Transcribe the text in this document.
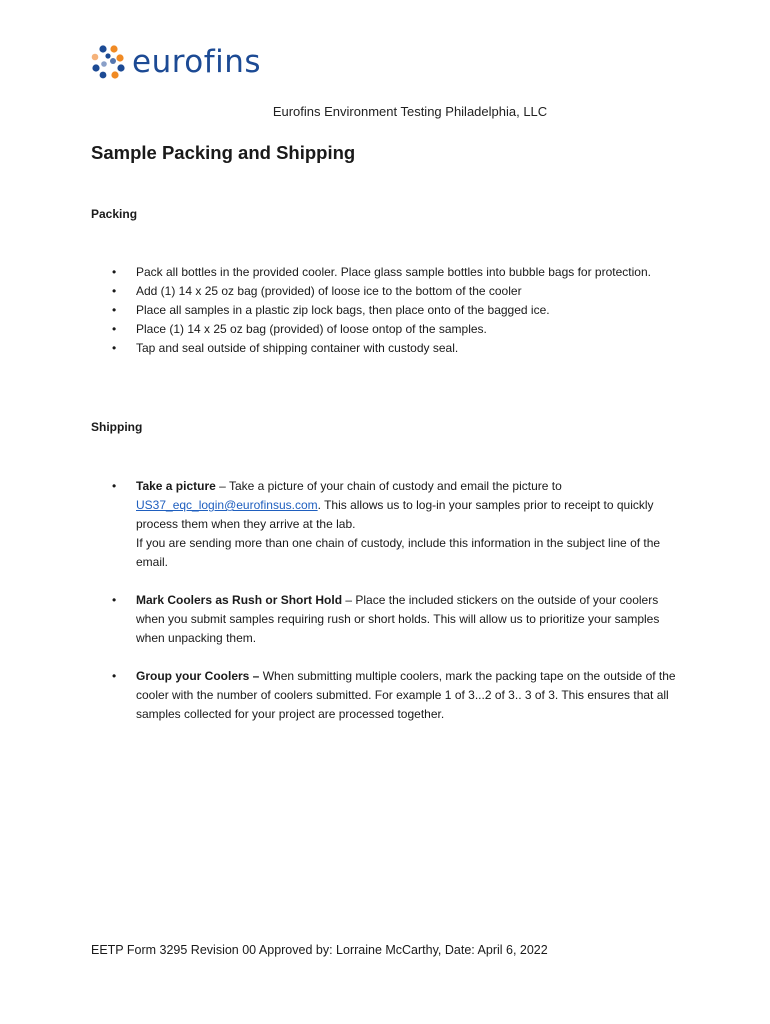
eurofins
Eurofins Environment Testing Philadelphia, LLC
Sample Packing and Shipping
Packing
• Pack all bottles in the provided cooler. Place glass sample bottles into bubble bags for protection.
• Add (1) 14 x 25 oz bag (provided) of loose ice to the bottom of the cooler
• Place all samples in a plastic zip lock bags, then place onto of the bagged ice.
• Place (1) 14 x 25 oz bag (provided) of loose ontop of the samples.
• Tap and seal outside of shipping container with custody seal.
Shipping
• Take a picture – Take a picture of your chain of custody and email the picture to US37_eqc_login@eurofinsus.com. This allows us to log-in your samples prior to receipt to quickly process them when they arrive at the lab.
If you are sending more than one chain of custody, include this information in the subject line of the email.
• Mark Coolers as Rush or Short Hold – Place the included stickers on the outside of your coolers when you submit samples requiring rush or short holds. This will allow us to prioritize your samples when unpacking them.
• Group your Coolers – When submitting multiple coolers, mark the packing tape on the outside of the cooler with the number of coolers submitted. For example 1 of 3...2 of 3.. 3 of 3. This ensures that all samples collected for your project are processed together.
EETP Form 3295 Revision 00 Approved by: Lorraine McCarthy, Date: April 6, 2022
